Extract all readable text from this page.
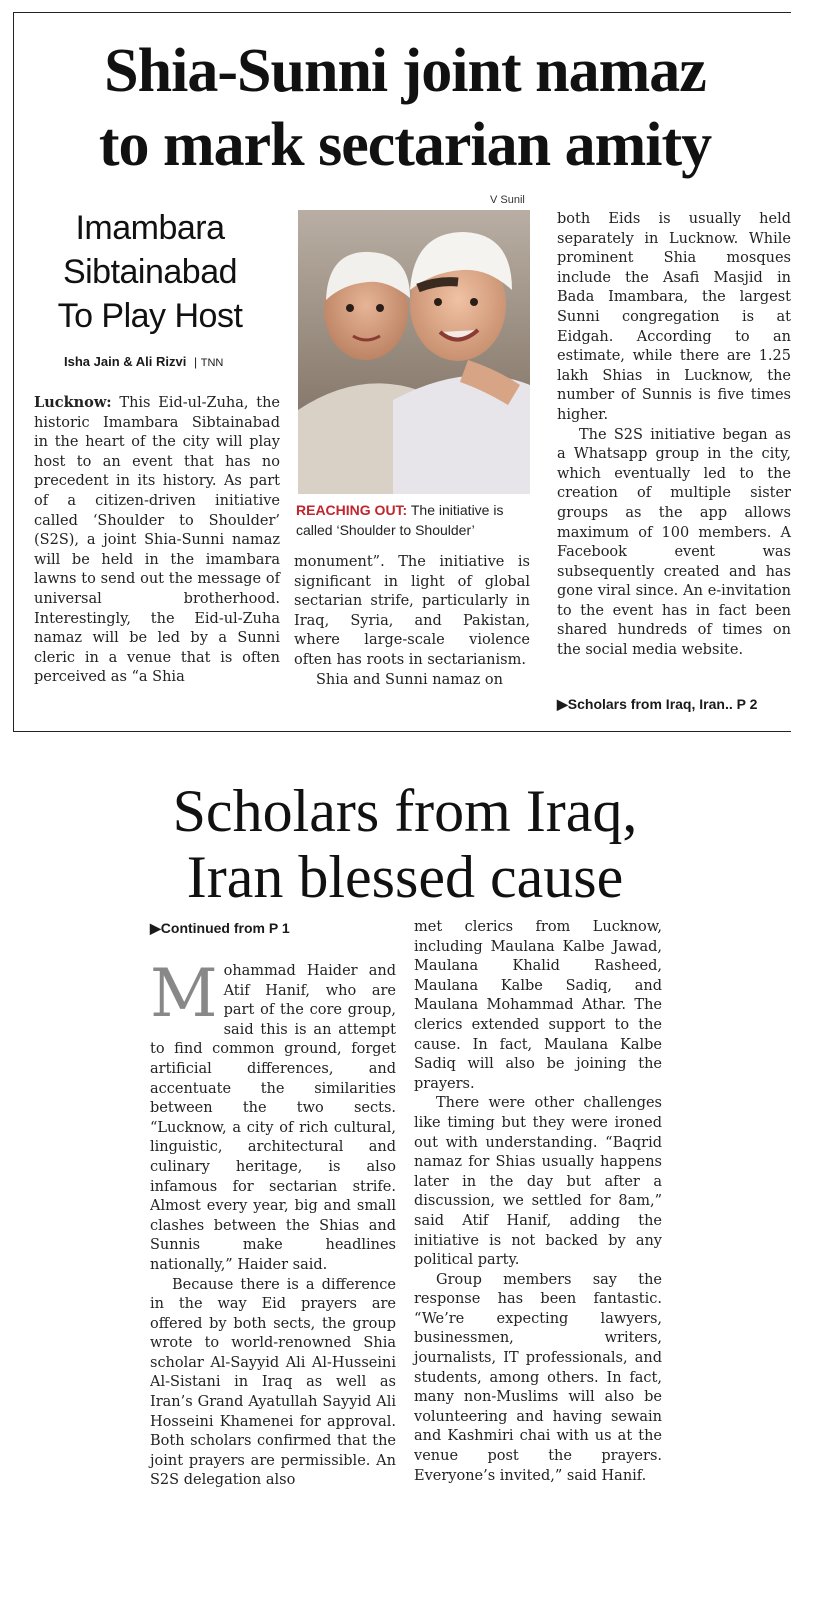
Shia-Sunni joint namaz
to mark sectarian amity
Imambara
Sibtainabad
To Play Host
Isha Jain & Ali Rizvi | TNN

Lucknow: This Eid-ul-Zuha, the historic Imambara Sibtainabad in the heart of the city will play host to an event that has no precedent in its history. As part of a citizen-driven initiative called ‘Shoulder to Shoulder’ (S2S), a joint Shia-Sunni namaz will be held in the imambara lawns to send out the message of universal brotherhood. Interestingly, the Eid-ul-Zuha namaz will be led by a Sunni cleric in a venue that is often perceived as “a Shia

V Sunil
REACHING OUT: The initiative is called ‘Shoulder to Shoulder’

monument”. The initiative is significant in light of global sectarian strife, particularly in Iraq, Syria, and Pakistan, where large-scale violence often has roots in sectarianism.

Shia and Sunni namaz on

both Eids is usually held separately in Lucknow. While prominent Shia mosques include the Asafi Masjid in Bada Imambara, the largest Sunni congregation is at Eidgah. According to an estimate, while there are 1.25 lakh Shias in Lucknow, the number of Sunnis is five times higher.

The S2S initiative began as a Whatsapp group in the city, which eventually led to the creation of multiple sister groups as the app allows maximum of 100 members. A Facebook event was subsequently created and has gone viral since. An e-invitation to the event has in fact been shared hundreds of times on the social media website.

▶Scholars from Iraq, Iran.. P 2
Scholars from Iraq,
Iran blessed cause
▶Continued from P 1

Mohammad Haider and Atif Hanif, who are part of the core group, said this is an attempt to find common ground, forget artificial differences, and accentuate the similarities between the two sects. “Lucknow, a city of rich cultural, linguistic, architectural and culinary heritage, is also infamous for sectarian strife. Almost every year, big and small clashes between the Shias and Sunnis make headlines nationally,” Haider said.

Because there is a difference in the way Eid prayers are offered by both sects, the group wrote to world-renowned Shia scholar Al-Sayyid Ali Al-Husseini Al-Sistani in Iraq as well as Iran’s Grand Ayatullah Sayyid Ali Hosseini Khamenei for approval. Both scholars confirmed that the joint prayers are permissible. An S2S delegation also

met clerics from Lucknow, including Maulana Kalbe Jawad, Maulana Khalid Rasheed, Maulana Kalbe Sadiq, and Maulana Mohammad Athar. The clerics extended support to the cause. In fact, Maulana Kalbe Sadiq will also be joining the prayers.

There were other challenges like timing but they were ironed out with understanding. “Baqrid namaz for Shias usually happens later in the day but after a discussion, we settled for 8am,” said Atif Hanif, adding the initiative is not backed by any political party.

Group members say the response has been fantastic. “We’re expecting lawyers, businessmen, writers, journalists, IT professionals, and students, among others. In fact, many non-Muslims will also be volunteering and having sewain and Kashmiri chai with us at the venue post the prayers. Everyone’s invited,” said Hanif.
